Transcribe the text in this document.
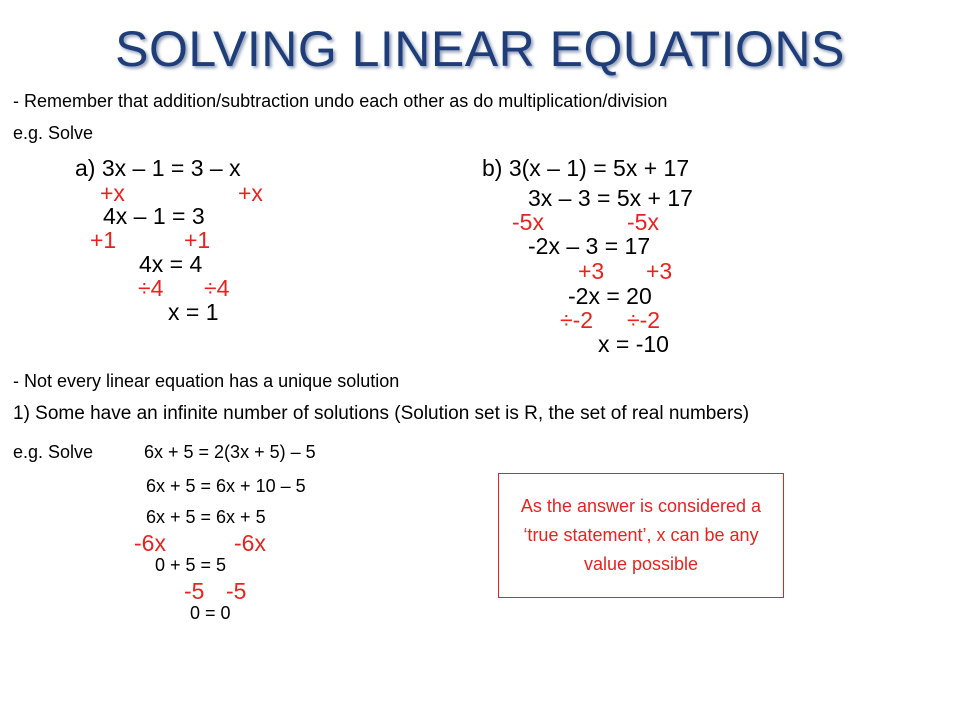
SOLVING LINEAR EQUATIONS
- Remember that addition/subtraction undo each other as do multiplication/division
e.g. Solve
a) 3x – 1 = 3 – x
+x	+x
4x – 1 = 3
+1	+1
4x = 4
÷4 ÷4
x = 1
b) 3(x – 1) = 5x + 17
3x – 3 = 5x + 17
-5x	-5x
-2x – 3 = 17
+3 +3
-2x = 20
÷-2 ÷-2
x = -10
- Not every linear equation has a unique solution
1) Some have an infinite number of solutions (Solution set is R, the set of real numbers)
e.g. Solve	6x + 5 = 2(3x + 5) – 5
6x + 5 = 6x + 10 – 5
6x + 5 = 6x + 5
-6x	-6x
0 + 5 = 5
-5 -5
0 = 0
As the answer is considered a ‘true statement’, x can be any value possible
